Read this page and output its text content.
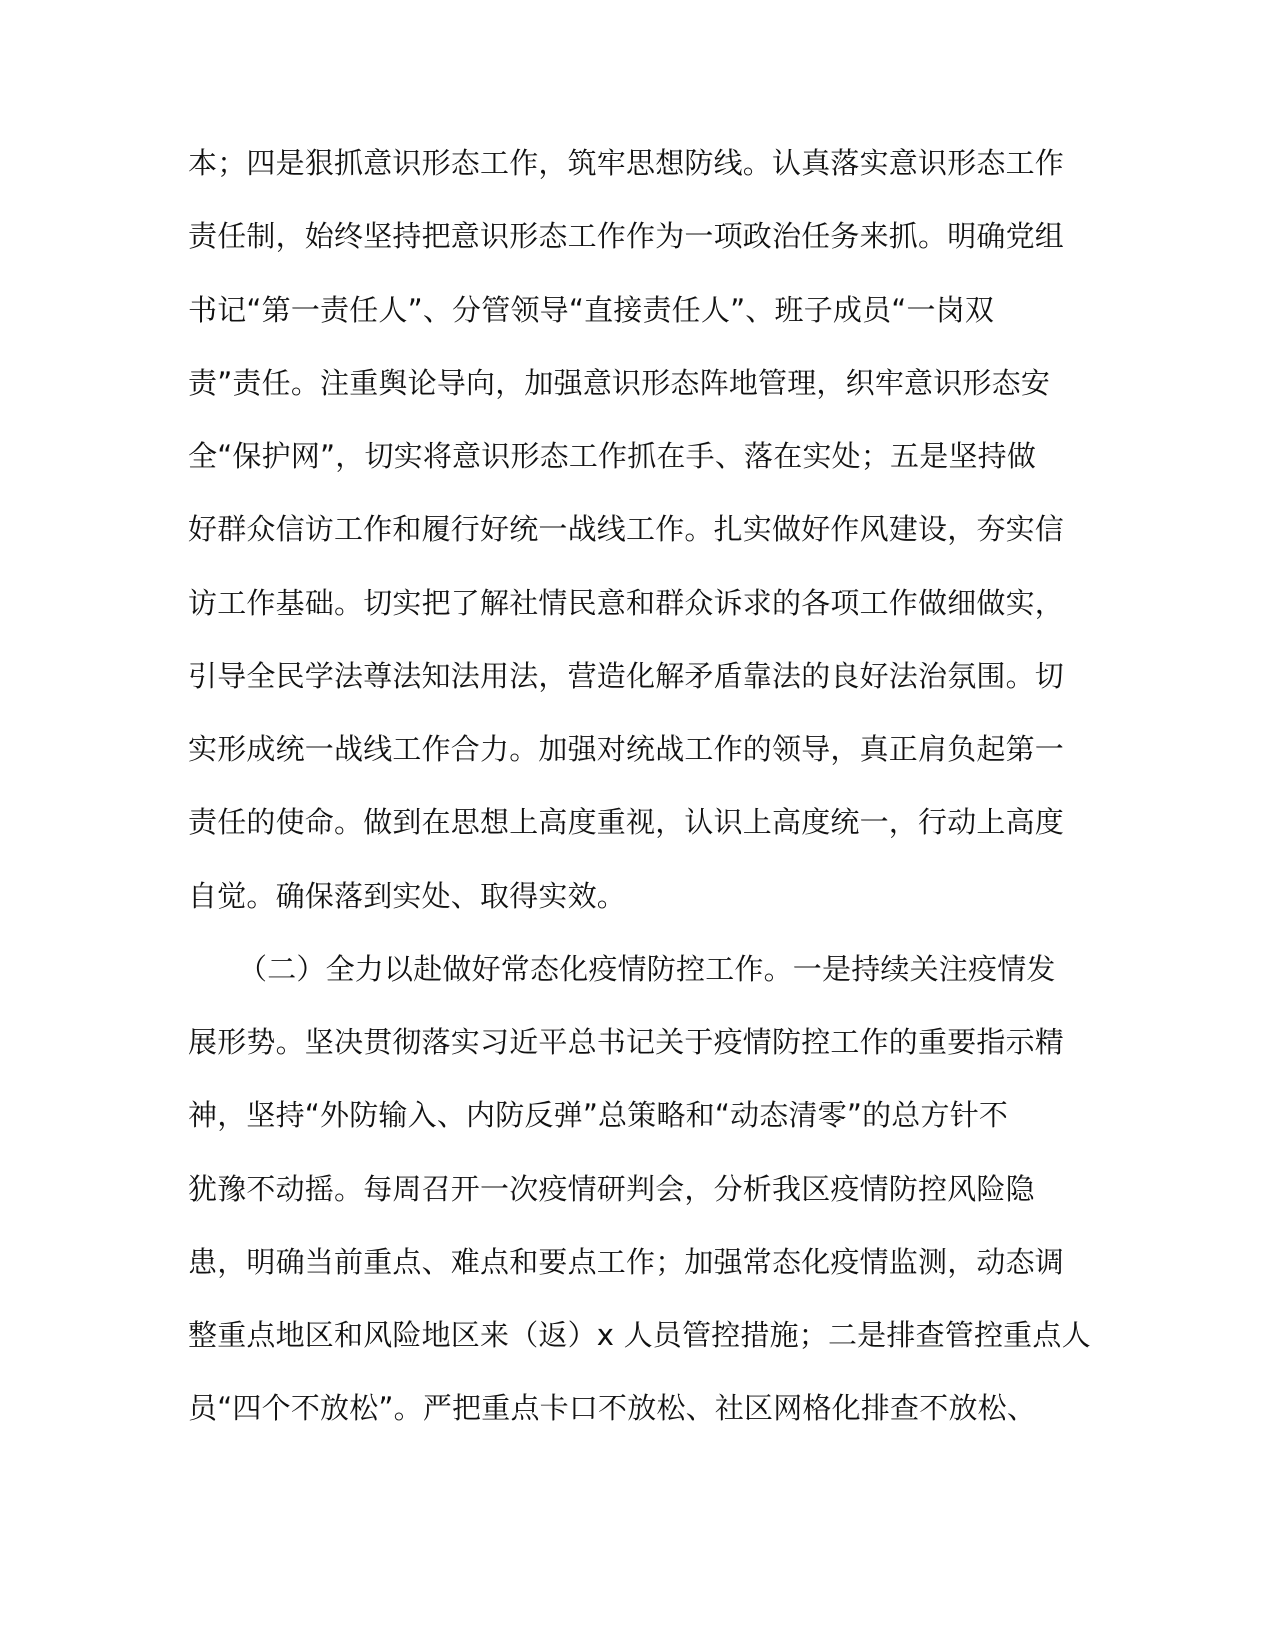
本；四是狠抓意识形态工作，筑牢思想防线。认真落实意识形态工作
责任制，始终坚持把意识形态工作作为一项政治任务来抓。明确党组
书记“第一责任人”、分管领导“直接责任人”、班子成员“一岗双
责”责任。注重舆论导向，加强意识形态阵地管理，织牢意识形态安
全“保护网”，切实将意识形态工作抓在手、落在实处；五是坚持做
好群众信访工作和履行好统一战线工作。扎实做好作风建设，夯实信
访工作基础。切实把了解社情民意和群众诉求的各项工作做细做实，
引导全民学法尊法知法用法，营造化解矛盾靠法的良好法治氛围。切
实形成统一战线工作合力。加强对统战工作的领导，真正肩负起第一
责任的使命。做到在思想上高度重视，认识上高度统一，行动上高度
自觉。确保落到实处、取得实效。
（二）全力以赴做好常态化疫情防控工作。一是持续关注疫情发
展形势。坚决贯彻落实习近平总书记关于疫情防控工作的重要指示精
神，坚持“外防输入、内防反弹”总策略和“动态清零”的总方针不
犹豫不动摇。每周召开一次疫情研判会，分析我区疫情防控风险隐
患，明确当前重点、难点和要点工作；加强常态化疫情监测，动态调
整重点地区和风险地区来（返）x 人员管控措施；二是排查管控重点人
员“四个不放松”。严把重点卡口不放松、社区网格化排查不放松、
